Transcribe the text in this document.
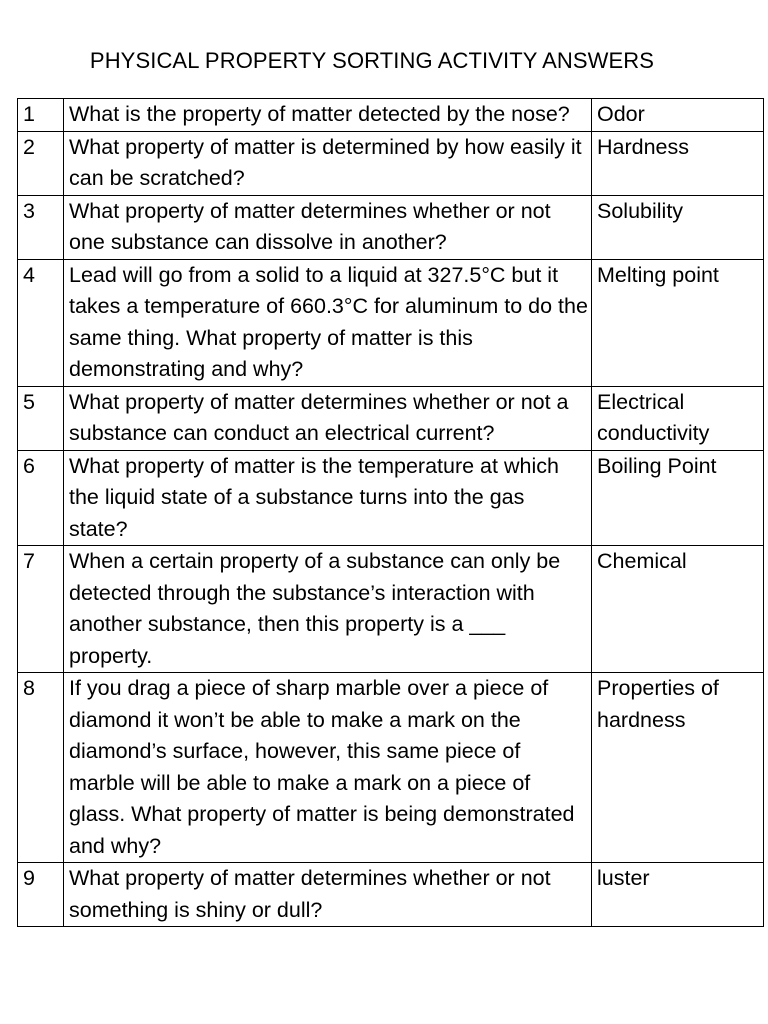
PHYSICAL PROPERTY SORTING ACTIVITY ANSWERS
1	What is the property of matter detected by the nose?	Odor
2	What property of matter is determined by how easily it can be scratched?	Hardness
3	What property of matter determines whether or not one substance can dissolve in another?	Solubility
4	Lead will go from a solid to a liquid at 327.5°C but it takes a temperature of 660.3°C for aluminum to do the same thing. What property of matter is this demonstrating and why?	Melting point
5	What property of matter determines whether or not a substance can conduct an electrical current?	Electrical conductivity
6	What property of matter is the temperature at which the liquid state of a substance turns into the gas state?	Boiling Point
7	When a certain property of a substance can only be detected through the substance’s interaction with another substance, then this property is a ___ property.	Chemical
8	If you drag a piece of sharp marble over a piece of diamond it won’t be able to make a mark on the diamond’s surface, however, this same piece of marble will be able to make a mark on a piece of glass. What property of matter is being demonstrated and why?	Properties of hardness
9	What property of matter determines whether or not something is shiny or dull?	luster
